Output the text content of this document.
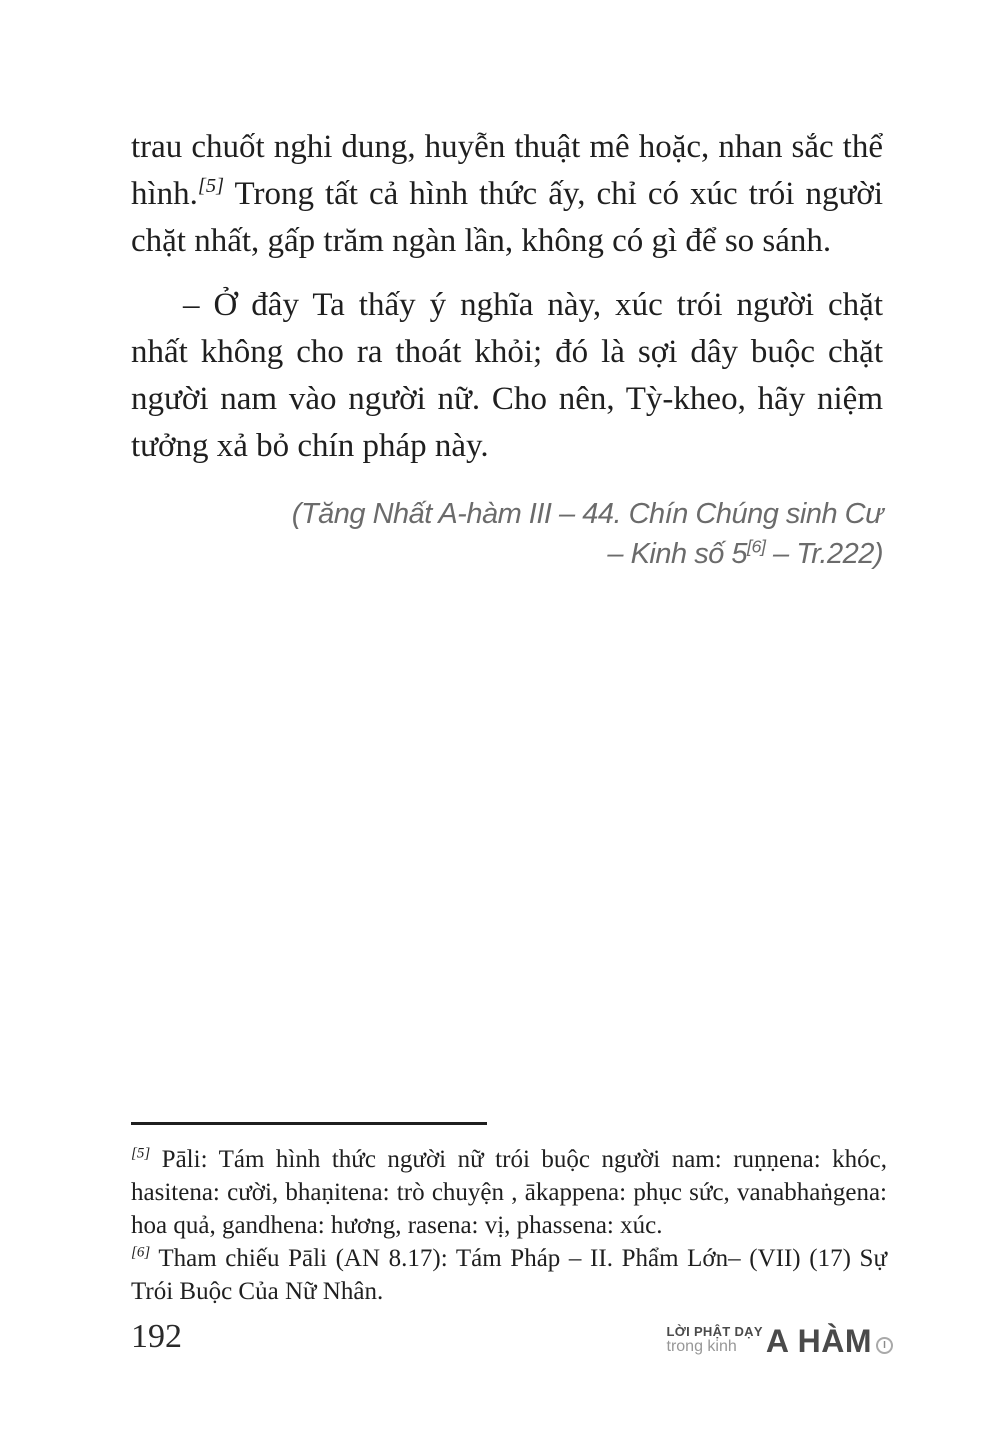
trau chuốt nghi dung, huyễn thuật mê hoặc, nhan sắc thể hình.[5] Trong tất cả hình thức ấy, chỉ có xúc trói người chặt nhất, gấp trăm ngàn lần, không có gì để so sánh.

– Ở đây Ta thấy ý nghĩa này, xúc trói người chặt nhất không cho ra thoát khỏi; đó là sợi dây buộc chặt người nam vào người nữ. Cho nên, Tỳ-kheo, hãy niệm tưởng xả bỏ chín pháp này.

(Tăng Nhất A-hàm III – 44. Chín Chúng sinh Cư
– Kinh số 5[6] – Tr.222)

[5] Pāli: Tám hình thức người nữ trói buộc người nam: ruṇṇena: khóc, hasitena: cười, bhaṇitena: trò chuyện , ākappena: phục sức, vanabhaṅgena: hoa quả, gandhena: hương, rasena: vị, phassena: xúc.

[6] Tham chiếu Pāli (AN 8.17): Tám Pháp – II. Phẩm Lớn– (VII) (17) Sự Trói Buộc Của Nữ Nhân.

192	LỜI PHẬT DẠY
trong kinh A HÀM	I
